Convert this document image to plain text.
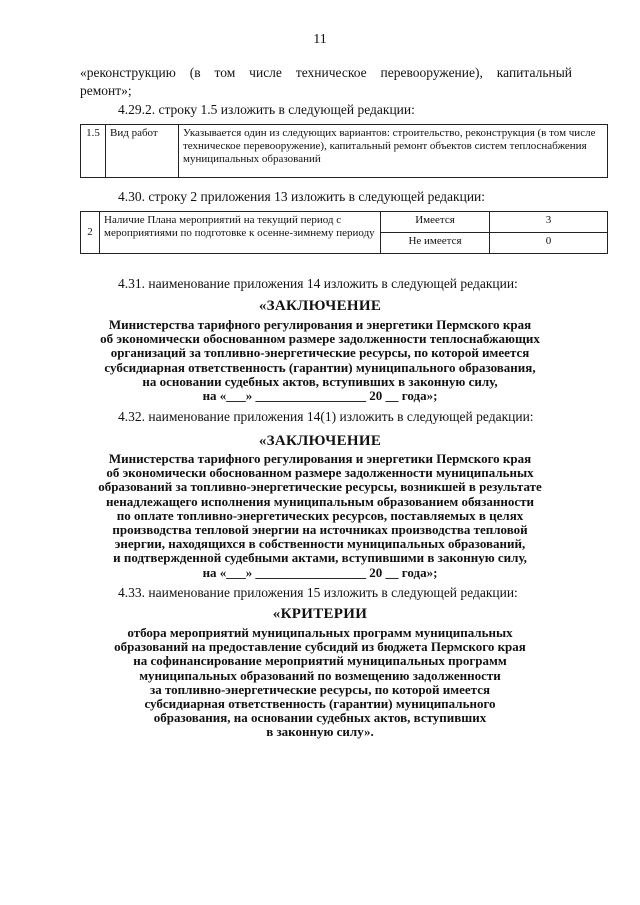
11
«реконструкцию (в том числе техническое перевооружение), капитальный
ремонт»;
4.29.2. строку 1.5 изложить в следующей редакции:
1.5	Вид работ	Указывается один из следующих вариантов: строительство, реконструкция (в том числе техническое перевооружение), капитальный ремонт объектов систем теплоснабжения муниципальных образований
4.30. строку 2 приложения 13 изложить в следующей редакции:
2	Наличие Плана мероприятий на текущий период с мероприятиями по подготовке к осенне-зимнему периоду	Имеется	3
		Не имеется	0
4.31. наименование приложения 14 изложить в следующей редакции:
«ЗАКЛЮЧЕНИЕ
Министерства тарифного регулирования и энергетики Пермского края
об экономически обоснованном размере задолженности теплоснабжающих
организаций за топливно-энергетические ресурсы, по которой имеется
субсидиарная ответственность (гарантии) муниципального образования,
на основании судебных актов, вступивших в законную силу,
на «___» _________________ 20 __ года»;
4.32. наименование приложения 14(1) изложить в следующей редакции:
«ЗАКЛЮЧЕНИЕ
Министерства тарифного регулирования и энергетики Пермского края
об экономически обоснованном размере задолженности муниципальных
образований за топливно-энергетические ресурсы, возникшей в результате
ненадлежащего исполнения муниципальным образованием обязанности
по оплате топливно-энергетических ресурсов, поставляемых в целях
производства тепловой энергии на источниках производства тепловой
энергии, находящихся в собственности муниципальных образований,
и подтвержденной судебными актами, вступившими в законную силу,
на «___» _________________ 20 __ года»;
4.33. наименование приложения 15 изложить в следующей редакции:
«КРИТЕРИИ
отбора мероприятий муниципальных программ муниципальных
образований на предоставление субсидий из бюджета Пермского края
на софинансирование мероприятий муниципальных программ
муниципальных образований по возмещению задолженности
за топливно-энергетические ресурсы, по которой имеется
субсидиарная ответственность (гарантии) муниципального
образования, на основании судебных актов, вступивших
в законную силу».
